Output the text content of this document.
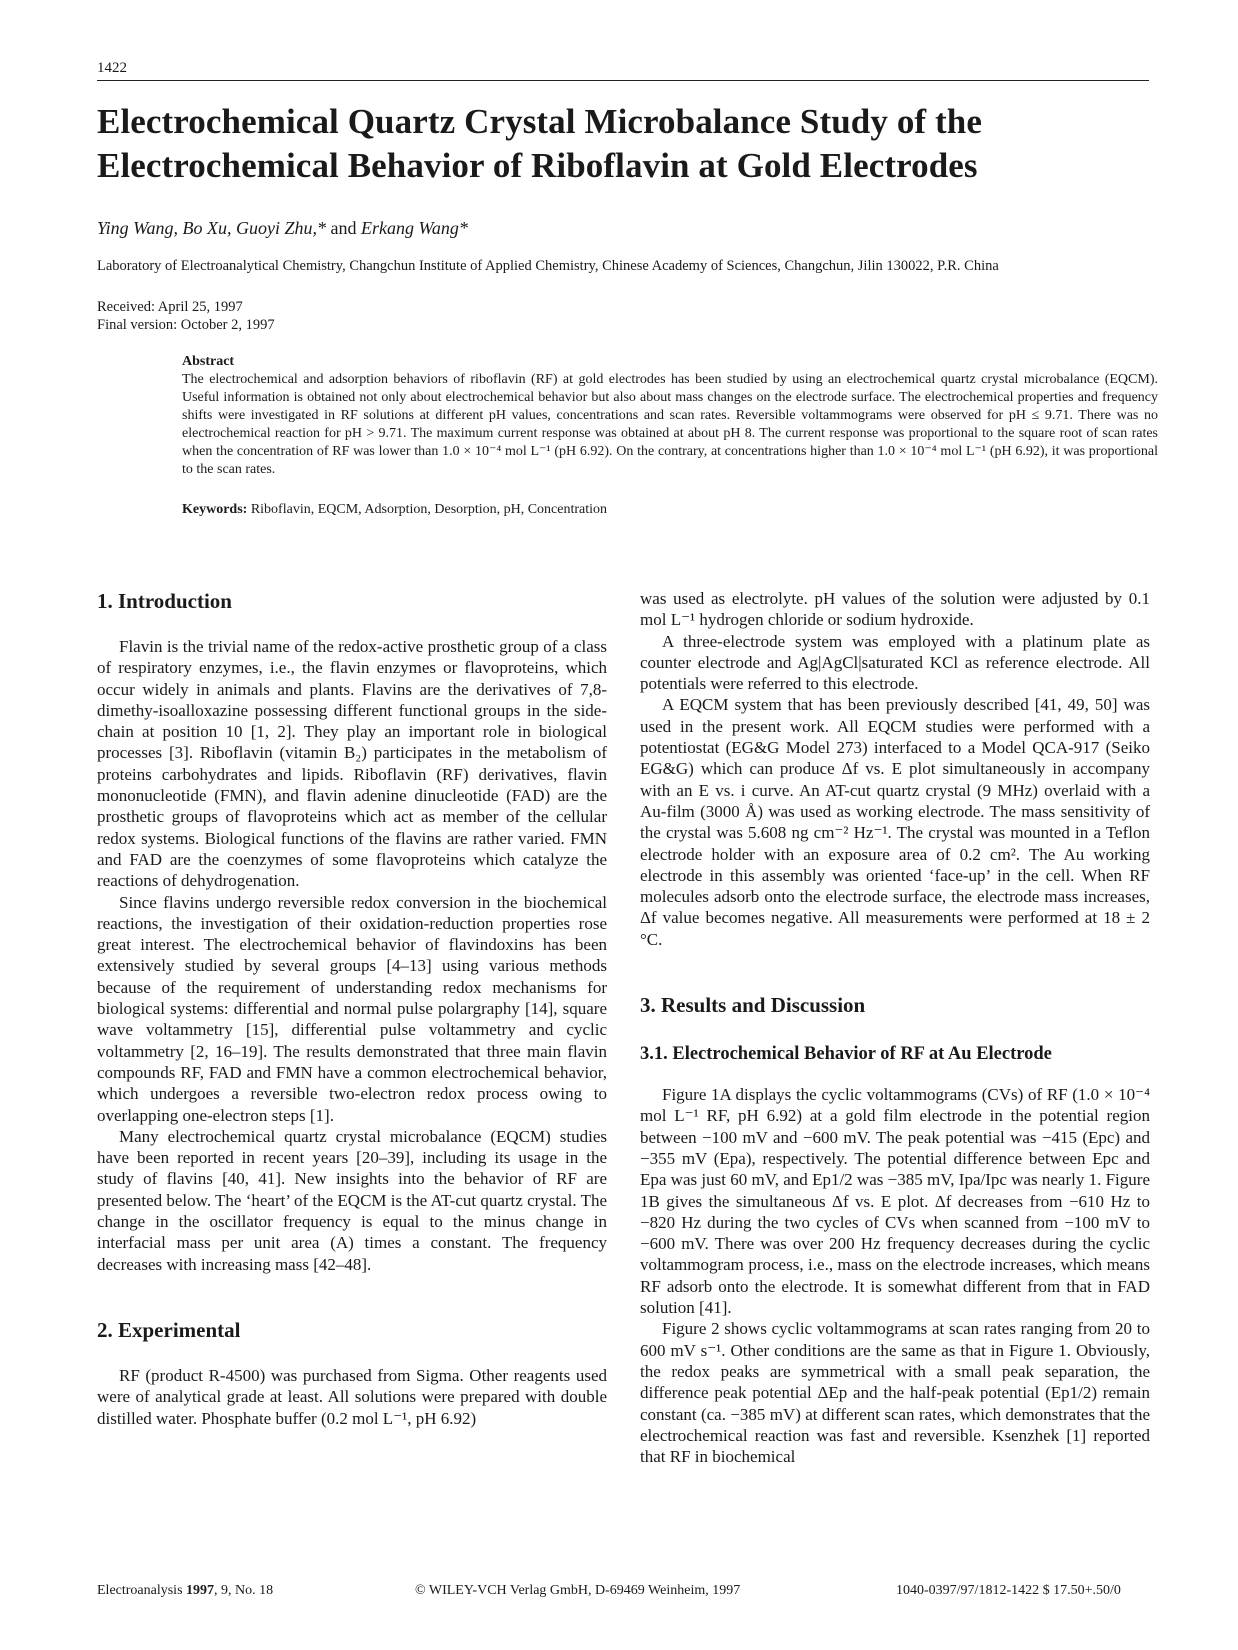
1422
Electrochemical Quartz Crystal Microbalance Study of the Electrochemical Behavior of Riboflavin at Gold Electrodes
Ying Wang, Bo Xu, Guoyi Zhu,* and Erkang Wang*
Laboratory of Electroanalytical Chemistry, Changchun Institute of Applied Chemistry, Chinese Academy of Sciences, Changchun, Jilin 130022, P.R. China
Received: April 25, 1997
Final version: October 2, 1997
Abstract
The electrochemical and adsorption behaviors of riboflavin (RF) at gold electrodes has been studied by using an electrochemical quartz crystal microbalance (EQCM). Useful information is obtained not only about electrochemical behavior but also about mass changes on the electrode surface. The electrochemical properties and frequency shifts were investigated in RF solutions at different pH values, concentrations and scan rates. Reversible voltammograms were observed for pH ≤ 9.71. There was no electrochemical reaction for pH > 9.71. The maximum current response was obtained at about pH 8. The current response was proportional to the square root of scan rates when the concentration of RF was lower than 1.0 × 10⁻⁴ mol L⁻¹ (pH 6.92). On the contrary, at concentrations higher than 1.0 × 10⁻⁴ mol L⁻¹ (pH 6.92), it was proportional to the scan rates.
Keywords: Riboflavin, EQCM, Adsorption, Desorption, pH, Concentration
1. Introduction

Flavin is the trivial name of the redox-active prosthetic group of a class of respiratory enzymes, i.e., the flavin enzymes or flavoproteins, which occur widely in animals and plants. Flavins are the derivatives of 7,8-dimethy-isoalloxazine possessing different functional groups in the side-chain at position 10 [1, 2]. They play an important role in biological processes [3]. Riboflavin (vitamin B₂) participates in the metabolism of proteins carbohydrates and lipids. Riboflavin (RF) derivatives, flavin mononucleotide (FMN), and flavin adenine dinucleotide (FAD) are the prosthetic groups of flavoproteins which act as member of the cellular redox systems. Biological functions of the flavins are rather varied. FMN and FAD are the coenzymes of some flavoproteins which catalyze the reactions of dehydrogenation.

Since flavins undergo reversible redox conversion in the biochemical reactions, the investigation of their oxidation-reduction properties rose great interest. The electrochemical behavior of flavindoxins has been extensively studied by several groups [4–13] using various methods because of the requirement of understanding redox mechanisms for biological systems: differential and normal pulse polargraphy [14], square wave voltammetry [15], differential pulse voltammetry and cyclic voltammetry [2, 16–19]. The results demonstrated that three main flavin compounds RF, FAD and FMN have a common electrochemical behavior, which undergoes a reversible two-electron redox process owing to overlapping one-electron steps [1].

Many electrochemical quartz crystal microbalance (EQCM) studies have been reported in recent years [20–39], including its usage in the study of flavins [40, 41]. New insights into the behavior of RF are presented below. The ‘heart’ of the EQCM is the AT-cut quartz crystal. The change in the oscillator frequency is equal to the minus change in interfacial mass per unit area (A) times a constant. The frequency decreases with increasing mass [42–48].

2. Experimental

RF (product R-4500) was purchased from Sigma. Other reagents used were of analytical grade at least. All solutions were prepared with double distilled water. Phosphate buffer (0.2 mol L⁻¹, pH 6.92)

was used as electrolyte. pH values of the solution were adjusted by 0.1 mol L⁻¹ hydrogen chloride or sodium hydroxide.

A three-electrode system was employed with a platinum plate as counter electrode and Ag|AgCl|saturated KCl as reference electrode. All potentials were referred to this electrode.

A EQCM system that has been previously described [41, 49, 50] was used in the present work. All EQCM studies were performed with a potentiostat (EG&G Model 273) interfaced to a Model QCA-917 (Seiko EG&G) which can produce Δf vs. E plot simultaneously in accompany with an E vs. i curve. An AT-cut quartz crystal (9 MHz) overlaid with a Au-film (3000 Å) was used as working electrode. The mass sensitivity of the crystal was 5.608 ng cm⁻² Hz⁻¹. The crystal was mounted in a Teflon electrode holder with an exposure area of 0.2 cm². The Au working electrode in this assembly was oriented ‘face-up’ in the cell. When RF molecules adsorb onto the electrode surface, the electrode mass increases, Δf value becomes negative. All measurements were performed at 18 ± 2 °C.

3. Results and Discussion
3.1. Electrochemical Behavior of RF at Au Electrode

Figure 1A displays the cyclic voltammograms (CVs) of RF (1.0 × 10⁻⁴ mol L⁻¹ RF, pH 6.92) at a gold film electrode in the potential region between −100 mV and −600 mV. The peak potential was −415 (Epc) and −355 mV (Epa), respectively. The potential difference between Epc and Epa was just 60 mV, and Ep1/2 was −385 mV, Ipa/Ipc was nearly 1. Figure 1B gives the simultaneous Δf vs. E plot. Δf decreases from −610 Hz to −820 Hz during the two cycles of CVs when scanned from −100 mV to −600 mV. There was over 200 Hz frequency decreases during the cyclic voltammogram process, i.e., mass on the electrode increases, which means RF adsorb onto the electrode. It is somewhat different from that in FAD solution [41].

Figure 2 shows cyclic voltammograms at scan rates ranging from 20 to 600 mV s⁻¹. Other conditions are the same as that in Figure 1. Obviously, the redox peaks are symmetrical with a small peak separation, the difference peak potential ΔEp and the half-peak potential (Ep1/2) remain constant (ca. −385 mV) at different scan rates, which demonstrates that the electrochemical reaction was fast and reversible. Ksenzhek [1] reported that RF in biochemical

Electroanalysis 1997, 9, No. 18	© WILEY-VCH Verlag GmbH, D-69469 Weinheim, 1997	1040-0397/97/1812-1422 $ 17.50+.50/0
